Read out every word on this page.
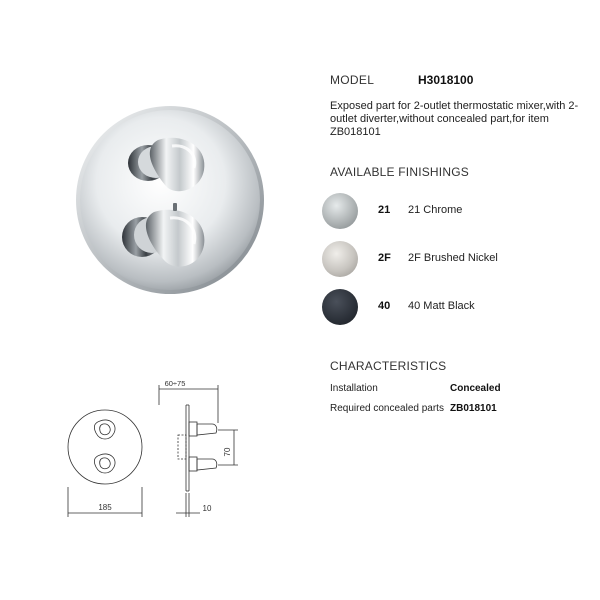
185
60÷75
70
10
MODEL	H3018100
Exposed part for 2-outlet thermostatic mixer,with 2-outlet diverter,without concealed part,for item ZB018101
AVAILABLE FINISHINGS
21 21 Chrome
2F 2F Brushed Nickel
40 40 Matt Black
CHARACTERISTICS
Installation	Concealed
Required concealed parts ZB018101
